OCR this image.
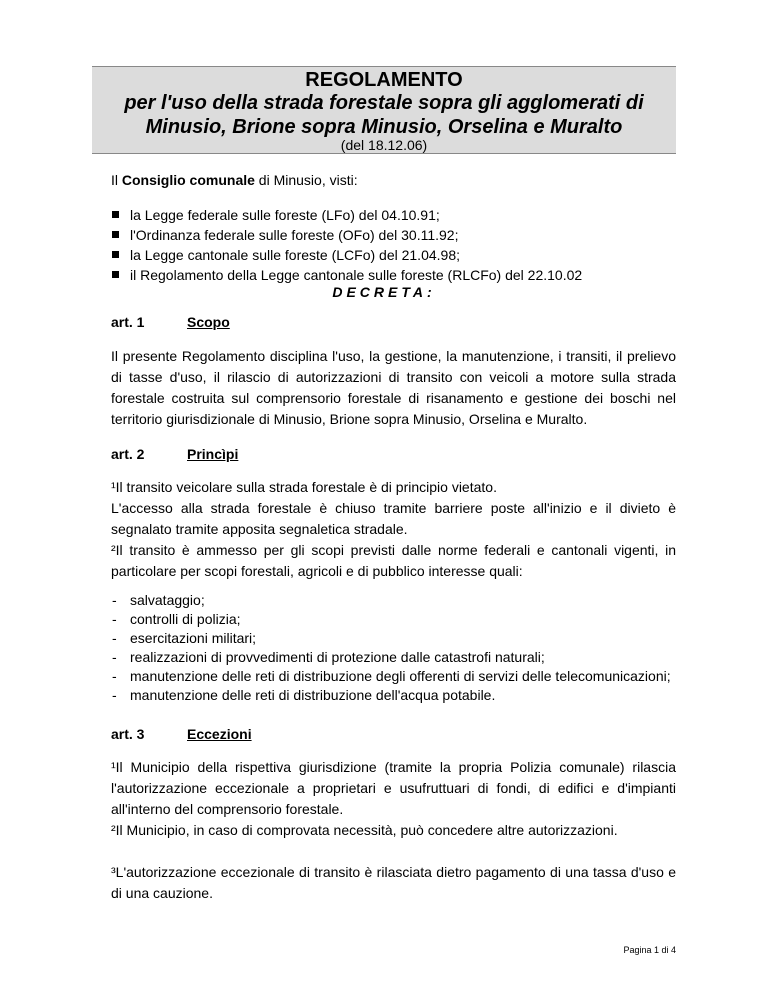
REGOLAMENTO
per l'uso della strada forestale sopra gli agglomerati di
Minusio, Brione sopra Minusio, Orselina e Muralto
(del 18.12.06)
Il Consiglio comunale di Minusio, visti:
la Legge federale sulle foreste (LFo) del 04.10.91;
l'Ordinanza federale sulle foreste (OFo) del 30.11.92;
la Legge cantonale sulle foreste (LCFo) del 21.04.98;
il Regolamento della Legge cantonale sulle foreste (RLCFo) del 22.10.02
DECRETA:
art. 1	Scopo
Il presente Regolamento disciplina l'uso, la gestione, la manutenzione, i transiti, il prelievo di tasse d'uso, il rilascio di autorizzazioni di transito con veicoli a motore sulla strada forestale costruita sul comprensorio forestale di risanamento e gestione dei boschi nel territorio giurisdizionale di Minusio, Brione sopra Minusio, Orselina e Muralto.
art. 2	Princìpi
¹Il transito veicolare sulla strada forestale è di principio vietato.
L'accesso alla strada forestale è chiuso tramite barriere poste all'inizio e il divieto è segnalato tramite apposita segnaletica stradale.
²Il transito è ammesso per gli scopi previsti dalle norme federali e cantonali vigenti, in particolare per scopi forestali, agricoli e di pubblico interesse quali:
- salvataggio;
- controlli di polizia;
- esercitazioni militari;
- realizzazioni di provvedimenti di protezione dalle catastrofi naturali;
- manutenzione delle reti di distribuzione degli offerenti di servizi delle telecomunicazioni;
- manutenzione delle reti di distribuzione dell'acqua potabile.
art. 3	Eccezioni
¹Il Municipio della rispettiva giurisdizione (tramite la propria Polizia comunale) rilascia l'autorizzazione eccezionale a proprietari e usufruttuari di fondi, di edifici e d'impianti all'interno del comprensorio forestale.
²Il Municipio, in caso di comprovata necessità, può concedere altre autorizzazioni.
³L'autorizzazione eccezionale di transito è rilasciata dietro pagamento di una tassa d'uso e di una cauzione.
Pagina 1 di 4
